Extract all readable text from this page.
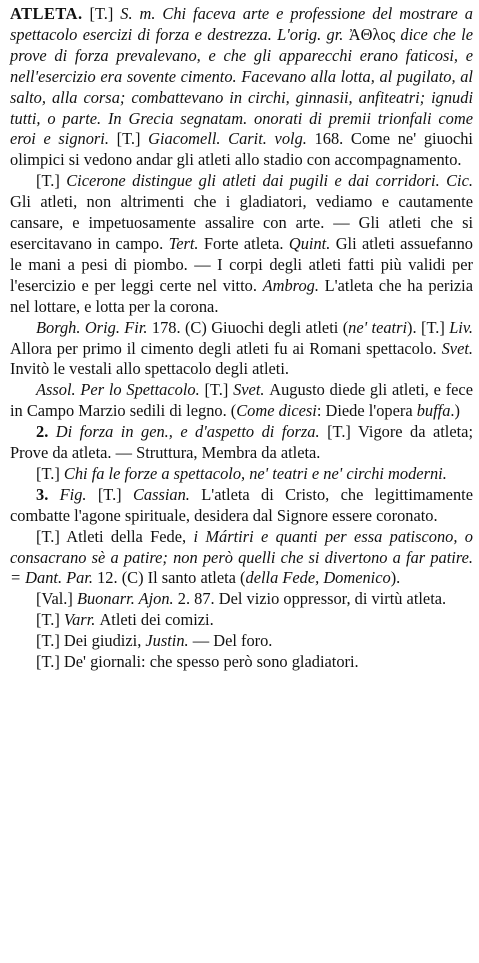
ATLETA. [T.] S. m. Chi faceva arte e professione del mostrare a spettacolo esercizi di forza e destrezza. L'orig. gr. ἈΘλος dice che le prove di forza prevalevano, e che gli apparecchi erano faticosi, e nell'esercizio era sovente cimento. Facevano alla lotta, al pugilato, al salto, alla corsa; combattevano in circhi, ginnasii, anfiteatri; ignudi tutti, o parte. In Grecia segnatam. onorati di premii trionfali come eroi e signori. [T.] Giacomell. Carit. volg. 168. Come ne' giuochi olimpici si vedono andar gli atleti allo stadio con accompagnamento.

[T.] Cicerone distingue gli atleti dai pugili e dai corridori. Cic. Gli atleti, non altrimenti che i gladiatori, vediamo e cautamente cansare, e impetuosamente assalire con arte. — Gli atleti che si esercitavano in campo. Tert. Forte atleta. Quint. Gli atleti assuefanno le mani a pesi di piombo. — I corpi degli atleti fatti più validi per l'esercizio e per leggi certe nel vitto. Ambrog. L'atleta che ha perizia nel lottare, e lotta per la corona.

Borgh. Orig. Fir. 178. (C) Giuochi degli atleti (ne' teatri). [T.] Liv. Allora per primo il cimento degli atleti fu ai Romani spettacolo. Svet. Invitò le vestali allo spettacolo degli atleti.

Assol. Per lo Spettacolo. [T.] Svet. Augusto diede gli atleti, e fece in Campo Marzio sedili di legno. (Come dicesi: Diede l'opera buffa.)

2. Di forza in gen., e d'aspetto di forza. [T.] Vigore da atleta; Prove da atleta. — Struttura, Membra da atleta.

[T.] Chi fa le forze a spettacolo, ne' teatri e ne' circhi moderni.

3. Fig. [T.] Cassian. L'atleta di Cristo, che legittimamente combatte l'agone spirituale, desidera dal Signore essere coronato.

[T.] Atleti della Fede, i Mártiri e quanti per essa patiscono, o consacrano sè a patire; non però quelli che si divertono a far patire. = Dant. Par. 12. (C) Il santo atleta (della Fede, Domenico).

[Val.] Buonarr. Ajon. 2. 87. Del vizio oppressor, di virtù atleta.

[T.] Varr. Atleti dei comizi.

[T.] Dei giudizi, Justin. — Del foro.

[T.] De' giornali: che spesso però sono gladiatori.
